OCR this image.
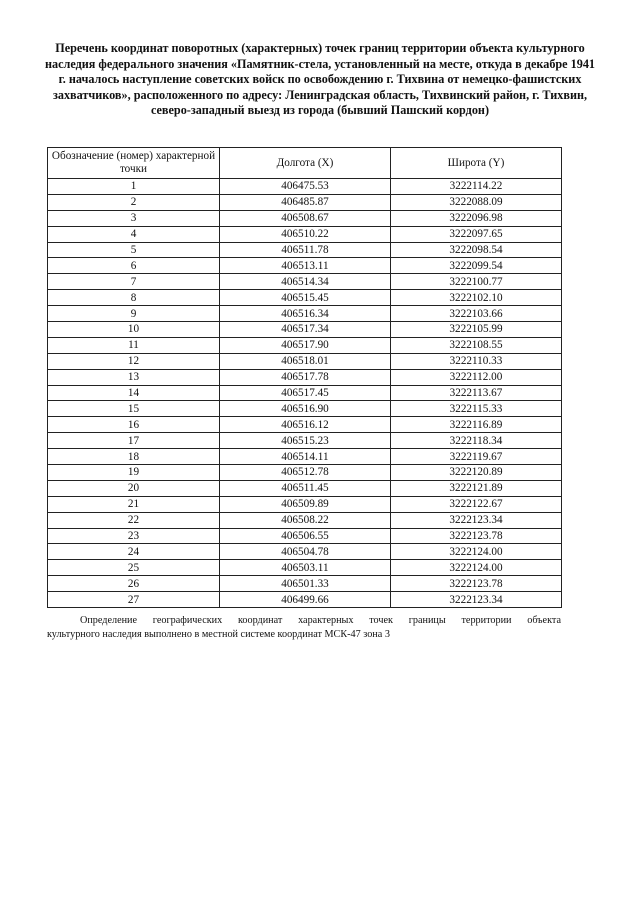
Перечень координат поворотных (характерных) точек границ территории объекта культурного наследия федерального значения «Памятник-стела, установленный на месте, откуда в декабре 1941 г. началось наступление советских войск по освобождению г. Тихвина от немецко-фашистских захватчиков», расположенного по адресу: Ленинградская область, Тихвинский район, г. Тихвин, северо-западный выезд из города (бывший Пашский кордон)
Обозначение (номер) характерной точки	Долгота (X)	Широта (Y)
1	406475.53	3222114.22
2	406485.87	3222088.09
3	406508.67	3222096.98
4	406510.22	3222097.65
5	406511.78	3222098.54
6	406513.11	3222099.54
7	406514.34	3222100.77
8	406515.45	3222102.10
9	406516.34	3222103.66
10	406517.34	3222105.99
11	406517.90	3222108.55
12	406518.01	3222110.33
13	406517.78	3222112.00
14	406517.45	3222113.67
15	406516.90	3222115.33
16	406516.12	3222116.89
17	406515.23	3222118.34
18	406514.11	3222119.67
19	406512.78	3222120.89
20	406511.45	3222121.89
21	406509.89	3222122.67
22	406508.22	3222123.34
23	406506.55	3222123.78
24	406504.78	3222124.00
25	406503.11	3222124.00
26	406501.33	3222123.78
27	406499.66	3222123.34

Определение географических координат характерных точек границы территории объекта
культурного наследия выполнено в местной системе координат МСК-47 зона 3
